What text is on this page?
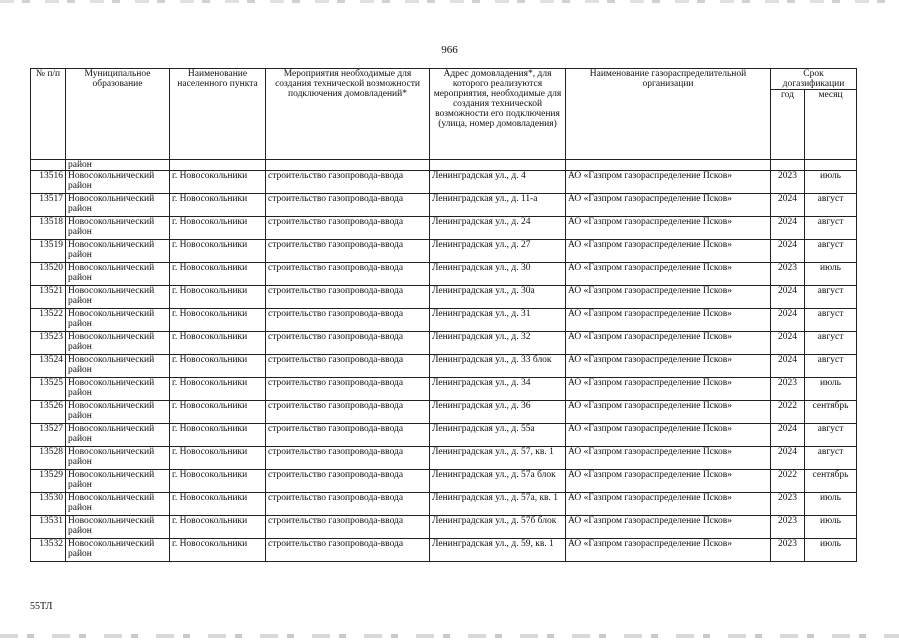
966
№ п/п	Муниципальное образование	Наименование населенного пункта	Мероприятия необходимые для создания технической возможности подключения домовладений*	Адрес домовладения*, для которого реализуются мероприятия, необходимые для создания технической возможности его подключения (улица, номер домовладения)	Наименование газораспределительной организации	Срок догазификации	
						год	месяц
	район						
13516	Новосокольнический район	г. Новосокольники	строительство газопровода-ввода	Ленинградская ул., д. 4	АО «Газпром газораспределение Псков»	2023	июль
13517	Новосокольнический район	г. Новосокольники	строительство газопровода-ввода	Ленинградская ул., д. 11-а	АО «Газпром газораспределение Псков»	2024	август
13518	Новосокольнический район	г. Новосокольники	строительство газопровода-ввода	Ленинградская ул., д. 24	АО «Газпром газораспределение Псков»	2024	август
13519	Новосокольнический район	г. Новосокольники	строительство газопровода-ввода	Ленинградская ул., д. 27	АО «Газпром газораспределение Псков»	2024	август
13520	Новосокольнический район	г. Новосокольники	строительство газопровода-ввода	Ленинградская ул., д. 30	АО «Газпром газораспределение Псков»	2023	июль
13521	Новосокольнический район	г. Новосокольники	строительство газопровода-ввода	Ленинградская ул., д. 30а	АО «Газпром газораспределение Псков»	2024	август
13522	Новосокольнический район	г. Новосокольники	строительство газопровода-ввода	Ленинградская ул., д. 31	АО «Газпром газораспределение Псков»	2024	август
13523	Новосокольнический район	г. Новосокольники	строительство газопровода-ввода	Ленинградская ул., д. 32	АО «Газпром газораспределение Псков»	2024	август
13524	Новосокольнический район	г. Новосокольники	строительство газопровода-ввода	Ленинградская ул., д. 33 блок	АО «Газпром газораспределение Псков»	2024	август
13525	Новосокольнический район	г. Новосокольники	строительство газопровода-ввода	Ленинградская ул., д. 34	АО «Газпром газораспределение Псков»	2023	июль
13526	Новосокольнический район	г. Новосокольники	строительство газопровода-ввода	Ленинградская ул., д. 36	АО «Газпром газораспределение Псков»	2022	сентябрь
13527	Новосокольнический район	г. Новосокольники	строительство газопровода-ввода	Ленинградская ул., д. 55а	АО «Газпром газораспределение Псков»	2024	август
13528	Новосокольнический район	г. Новосокольники	строительство газопровода-ввода	Ленинградская ул., д. 57, кв. 1	АО «Газпром газораспределение Псков»	2024	август
13529	Новосокольнический район	г. Новосокольники	строительство газопровода-ввода	Ленинградская ул., д. 57а блок	АО «Газпром газораспределение Псков»	2022	сентябрь
13530	Новосокольнический район	г. Новосокольники	строительство газопровода-ввода	Ленинградская ул., д. 57а, кв. 1	АО «Газпром газораспределение Псков»	2023	июль
13531	Новосокольнический район	г. Новосокольники	строительство газопровода-ввода	Ленинградская ул., д. 57б блок	АО «Газпром газораспределение Псков»	2023	июль
13532	Новосокольнический район	г. Новосокольники	строительство газопровода-ввода	Ленинградская ул., д. 59, кв. 1	АО «Газпром газораспределение Псков»	2023	июль
55ТЛ
